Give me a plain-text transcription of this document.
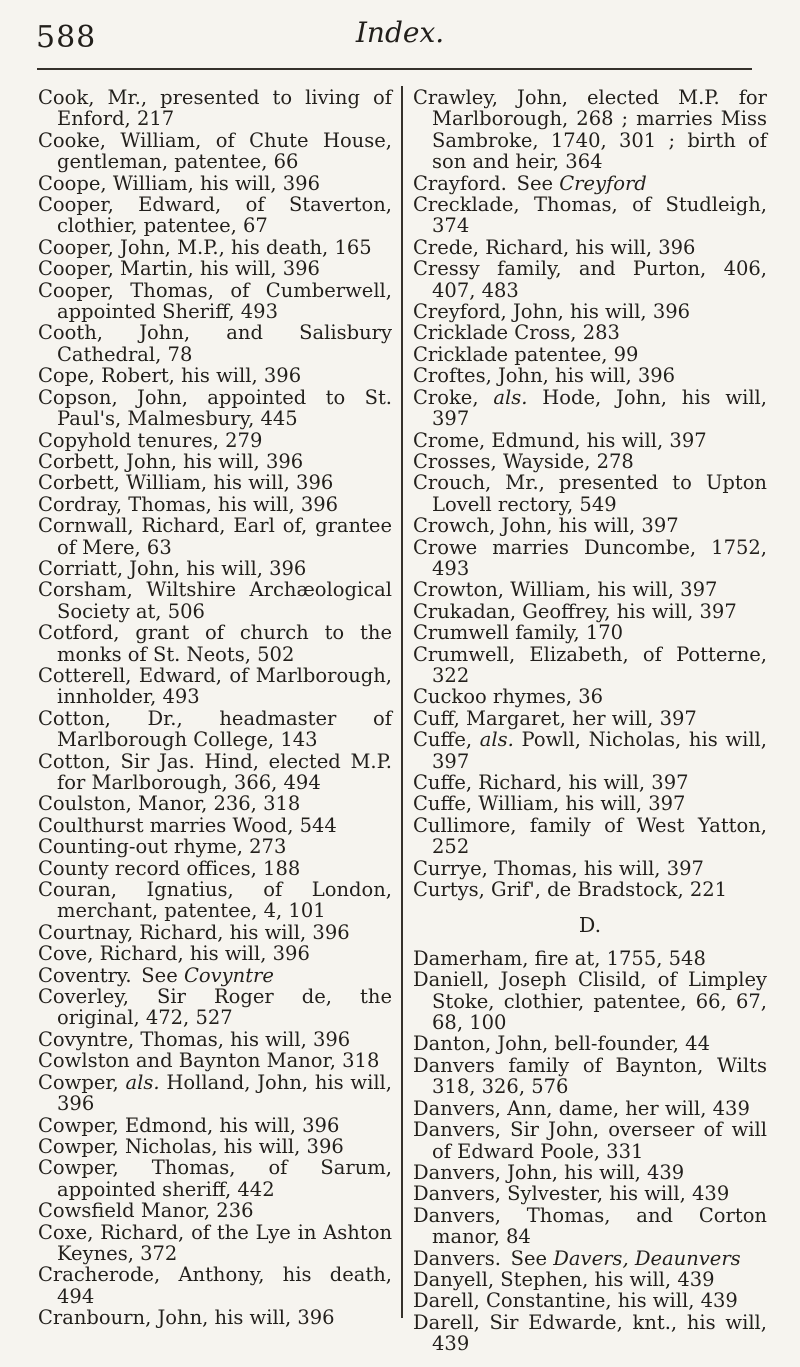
588	Index.

Cook, Mr., presented to living of Enford, 217

Cooke, William, of Chute House, gentleman, patentee, 66

Coope, William, his will, 396

Cooper, Edward, of Staverton, clothier, patentee, 67

Cooper, John, M.P., his death, 165

Cooper, Martin, his will, 396

Cooper, Thomas, of Cumberwell, appointed Sheriff, 493

Cooth, John, and Salisbury Cathedral, 78

Cope, Robert, his will, 396

Copson, John, appointed to St. Paul's, Malmesbury, 445

Copyhold tenures, 279

Corbett, John, his will, 396

Corbett, William, his will, 396

Cordray, Thomas, his will, 396

Cornwall, Richard, Earl of, grantee of Mere, 63

Corriatt, John, his will, 396

Corsham, Wiltshire Archæological Society at, 506

Cotford, grant of church to the monks of St. Neots, 502

Cotterell, Edward, of Marlborough, innholder, 493

Cotton, Dr., headmaster of Marlborough College, 143

Cotton, Sir Jas. Hind, elected M.P. for Marlborough, 366, 494

Coulston, Manor, 236, 318

Coulthurst marries Wood, 544

Counting-out rhyme, 273

County record offices, 188

Couran, Ignatius, of London, merchant, patentee, 4, 101

Courtnay, Richard, his will, 396

Cove, Richard, his will, 396

Coventry. See Covyntre

Coverley, Sir Roger de, the original, 472, 527

Covyntre, Thomas, his will, 396

Cowlston and Baynton Manor, 318

Cowper, als. Holland, John, his will, 396

Cowper, Edmond, his will, 396

Cowper, Nicholas, his will, 396

Cowper, Thomas, of Sarum, appointed sheriff, 442

Cowsfield Manor, 236

Coxe, Richard, of the Lye in Ashton Keynes, 372

Cracherode, Anthony, his death, 494

Cranbourn, John, his will, 396

Crawley, John, elected M.P. for Marlborough, 268 ; marries Miss Sambroke, 1740, 301 ; birth of son and heir, 364

Crayford. See Creyford

Crecklade, Thomas, of Studleigh, 374

Crede, Richard, his will, 396

Cressy family, and Purton, 406, 407, 483

Creyford, John, his will, 396

Cricklade Cross, 283

Cricklade patentee, 99

Croftes, John, his will, 396

Croke, als. Hode, John, his will, 397

Crome, Edmund, his will, 397

Crosses, Wayside, 278

Crouch, Mr., presented to Upton Lovell rectory, 549

Crowch, John, his will, 397

Crowe marries Duncombe, 1752, 493

Crowton, William, his will, 397

Crukadan, Geoffrey, his will, 397

Crumwell family, 170

Crumwell, Elizabeth, of Potterne, 322

Cuckoo rhymes, 36

Cuff, Margaret, her will, 397

Cuffe, als. Powll, Nicholas, his will, 397

Cuffe, Richard, his will, 397

Cuffe, William, his will, 397

Cullimore, family of West Yatton, 252

Currye, Thomas, his will, 397

Curtys, Grif', de Bradstock, 221

D.

Damerham, fire at, 1755, 548

Daniell, Joseph Clisild, of Limpley Stoke, clothier, patentee, 66, 67, 68, 100

Danton, John, bell-founder, 44

Danvers family of Baynton, Wilts 318, 326, 576

Danvers, Ann, dame, her will, 439

Danvers, Sir John, overseer of will of Edward Poole, 331

Danvers, John, his will, 439

Danvers, Sylvester, his will, 439

Danvers, Thomas, and Corton manor, 84

Danvers. See Davers, Deaunvers

Danyell, Stephen, his will, 439

Darell, Constantine, his will, 439

Darell, Sir Edwarde, knt., his will, 439
